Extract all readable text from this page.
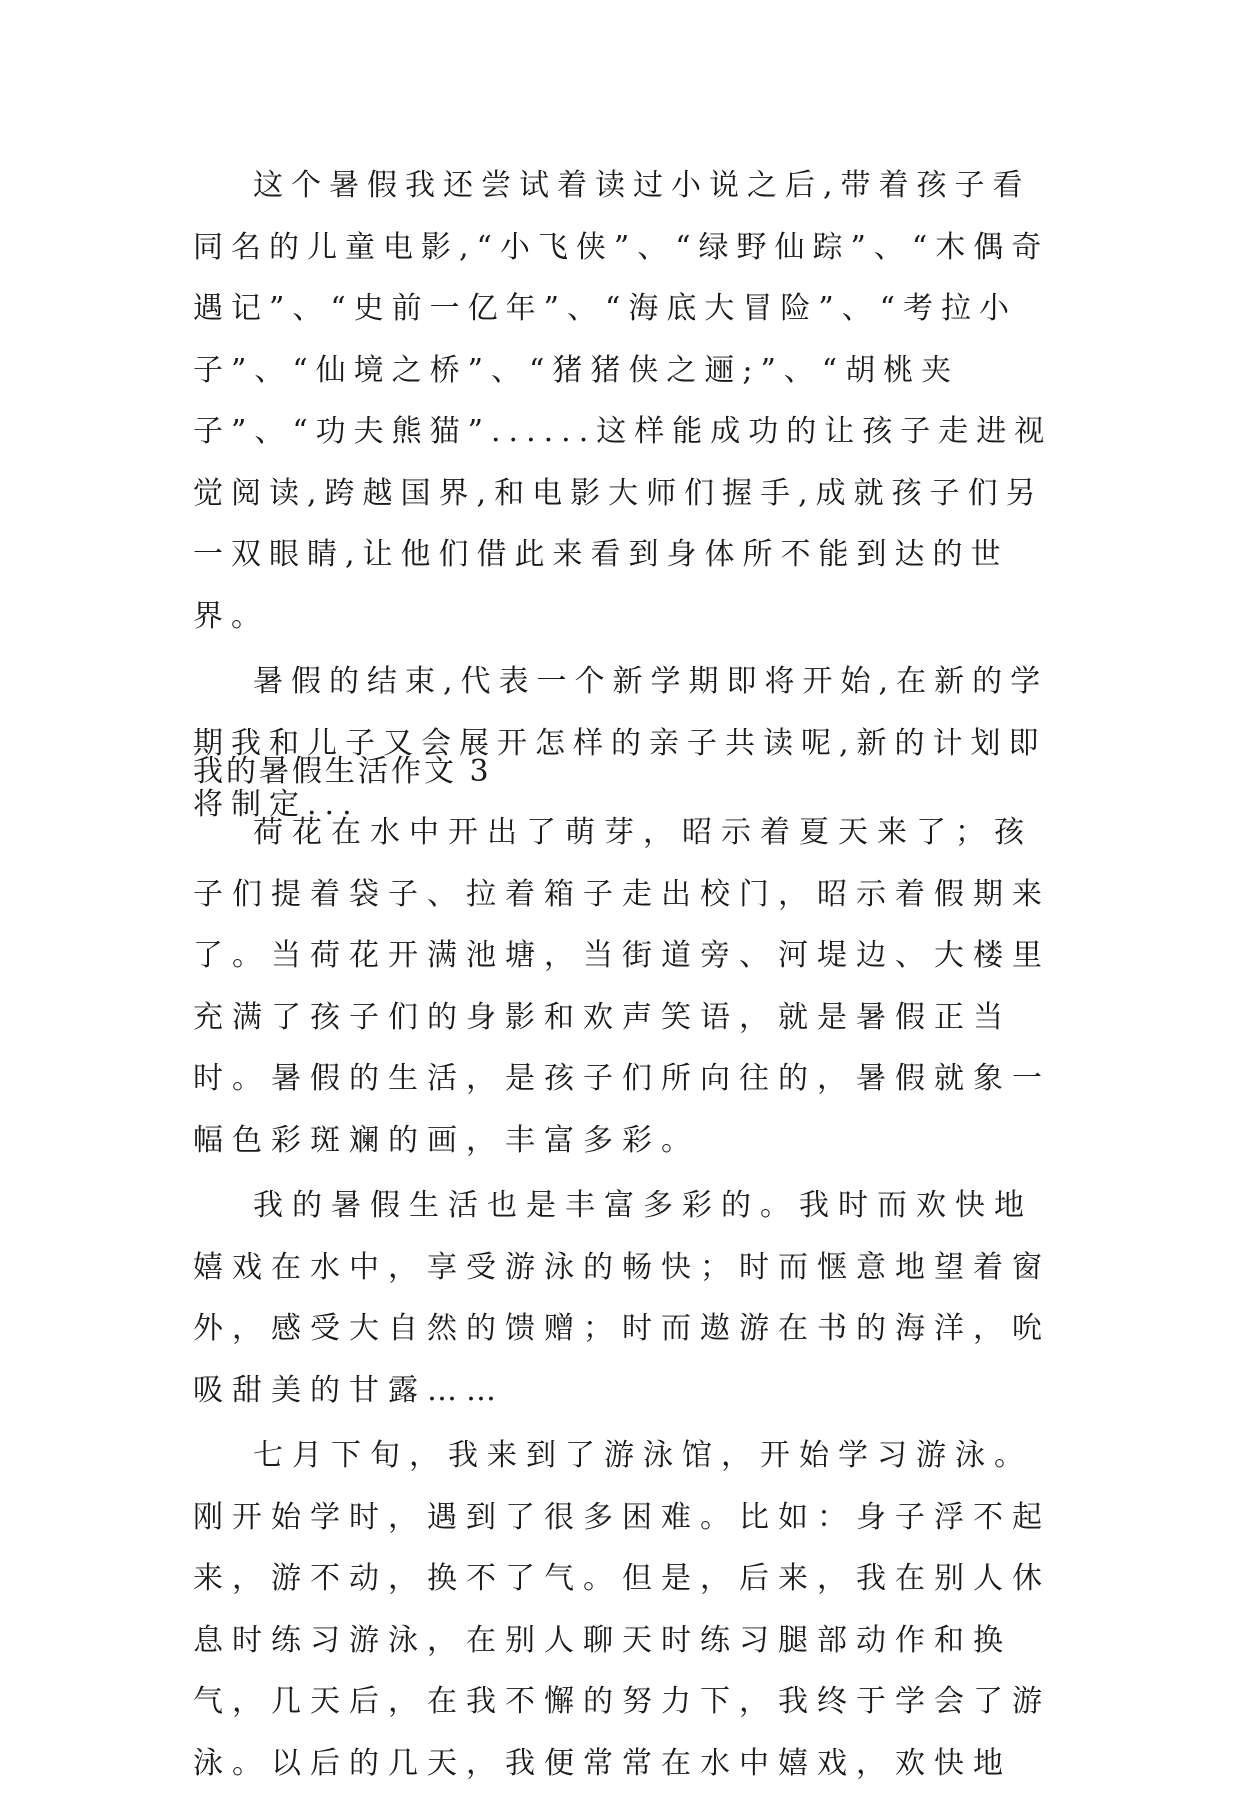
这个暑假我还尝试着读过小说之后,带着孩子看同名的儿童电影,“小飞侠”、“绿野仙踪”、“木偶奇遇记”、“史前一亿年”、“海底大冒险”、“考拉小子”、“仙境之桥”、“猪猪侠之逦;”、“胡桃夹子”、“功夫熊猫”......这样能成功的让孩子走进视觉阅读,跨越国界,和电影大师们握手,成就孩子们另一双眼睛,让他们借此来看到身体所不能到达的世界。

暑假的结束,代表一个新学期即将开始,在新的学期我和儿子又会展开怎样的亲子共读呢,新的计划即将制定...

我的暑假生活作文 3

荷花在水中开出了萌芽，昭示着夏天来了；孩子们提着袋子、拉着箱子走出校门，昭示着假期来了。当荷花开满池塘，当街道旁、河堤边、大楼里充满了孩子们的身影和欢声笑语，就是暑假正当时。暑假的生活，是孩子们所向往的，暑假就象一幅色彩斑斓的画，丰富多彩。

我的暑假生活也是丰富多彩的。我时而欢快地嬉戏在水中，享受游泳的畅快；时而惬意地望着窗外，感受大自然的馈赠；时而遨游在书的海洋，吮吸甜美的甘露……

七月下旬，我来到了游泳馆，开始学习游泳。刚开始学时，遇到了很多困难。比如：身子浮不起来，游不动，换不了气。但是，后来，我在别人休息时练习游泳，在别人聊天时练习腿部动作和换气，几天后，在我不懈的努力下，我终于学会了游泳。以后的几天，我便常常在水中嬉戏，欢快地
